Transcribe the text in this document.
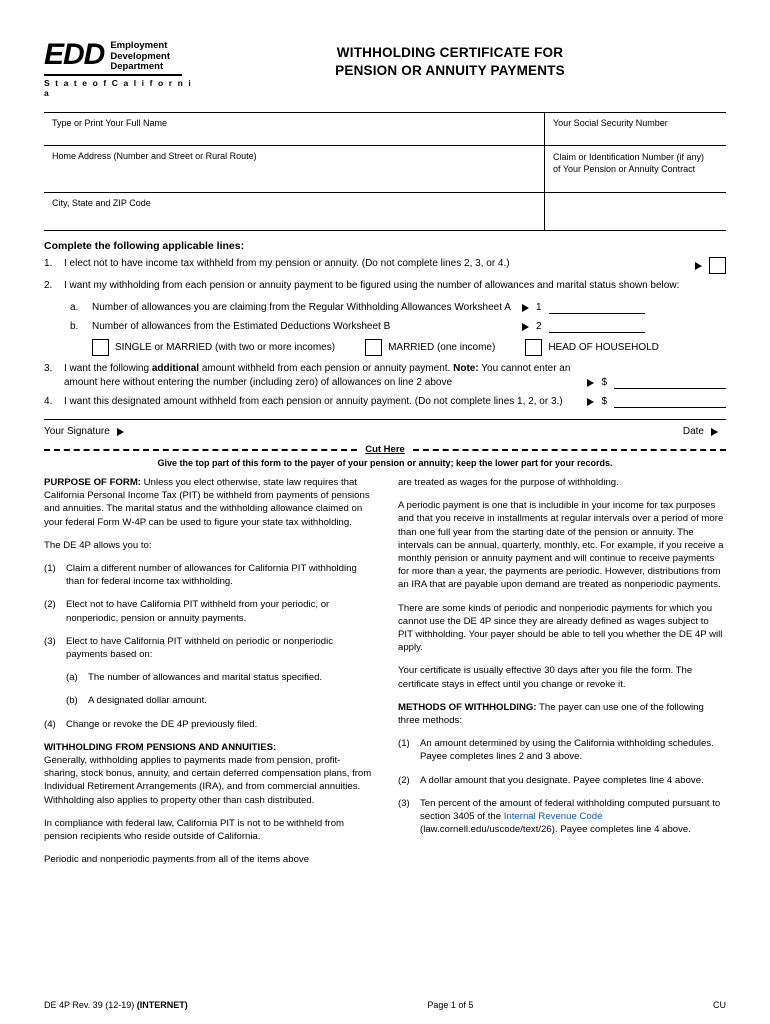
EDD Employment
Development
Department
S t a t e o f C a l i f o r n i a
WITHHOLDING CERTIFICATE FOR
PENSION OR ANNUITY PAYMENTS
Type or Print Your Full Name	Your Social Security Number
Home Address (Number and Street or Rural Route)	Claim or Identification Number (if any)
of Your Pension or Annuity Contract
City, State and ZIP Code

Complete the following applicable lines:
1.	I elect not to have income tax withheld from my pension or annuity. (Do not complete lines 2, 3, or 4.)
2.	I want my withholding from each pension or annuity payment to be figured using the number of allowances and marital status shown below:
a.	Number of allowances you are claiming from the Regular Withholding Allowances Worksheet A	1
b.	Number of allowances from the Estimated Deductions Worksheet B	2
SINGLE or MARRIED (with two or more incomes)	MARRIED (one income)	HEAD OF HOUSEHOLD
3.	I want the following additional amount withheld from each pension or annuity payment. Note: You cannot enter an amount here without entering the number (including zero) of allowances on line 2 above	$
4.	I want this designated amount withheld from each pension or annuity payment. (Do not complete lines 1, 2, or 3.)	$
Your Signature	Date
Cut Here
Give the top part of this form to the payer of your pension or annuity; keep the lower part for your records.

PURPOSE OF FORM: Unless you elect otherwise, state law requires that California Personal Income Tax (PIT) be withheld from payments of pensions and annuities. The marital status and the withholding allowance claimed on your federal Form W-4P can be used to figure your state tax withholding.

The DE 4P allows you to:

(1)	Claim a different number of allowances for California PIT withholding than for federal income tax withholding.
(2)	Elect not to have California PIT withheld from your periodic, or nonperiodic, pension or annuity payments.
(3)	Elect to have California PIT withheld on periodic or nonperiodic payments based on:
(a)	The number of allowances and marital status specified.
(b)	A designated dollar amount.
(4)	Change or revoke the DE 4P previously filed.

WITHHOLDING FROM PENSIONS AND ANNUITIES:
Generally, withholding applies to payments made from pension, profit-sharing, stock bonus, annuity, and certain deferred compensation plans, from Individual Retirement Arrangements (IRA), and from commercial annuities. Withholding also applies to property other than cash distributed.

In compliance with federal law, California PIT is not to be withheld from pension recipients who reside outside of California.

Periodic and nonperiodic payments from all of the items above

are treated as wages for the purpose of withholding.

A periodic payment is one that is includible in your income for tax purposes and that you receive in installments at regular intervals over a period of more than one full year from the starting date of the pension or annuity. The intervals can be annual, quarterly, monthly, etc. For example, if you receive a monthly pension or annuity payment and will continue to receive payments for more than a year, the payments are periodic. However, distributions from an IRA that are payable upon demand are treated as nonperiodic payments.

There are some kinds of periodic and nonperiodic payments for which you cannot use the DE 4P since they are already defined as wages subject to PIT withholding. Your payer should be able to tell you whether the DE 4P will apply.

Your certificate is usually effective 30 days after you file the form. The certificate stays in effect until you change or revoke it.

METHODS OF WITHHOLDING: The payer can use one of the following three methods:

(1)	An amount determined by using the California withholding schedules. Payee completes lines 2 and 3 above.
(2)	A dollar amount that you designate. Payee completes line 4 above.
(3)	Ten percent of the amount of federal withholding computed pursuant to section 3405 of the Internal Revenue Code (law.cornell.edu/uscode/text/26). Payee completes line 4 above.
DE 4P Rev. 39 (12-19) (INTERNET)	Page 1 of 5	CU
